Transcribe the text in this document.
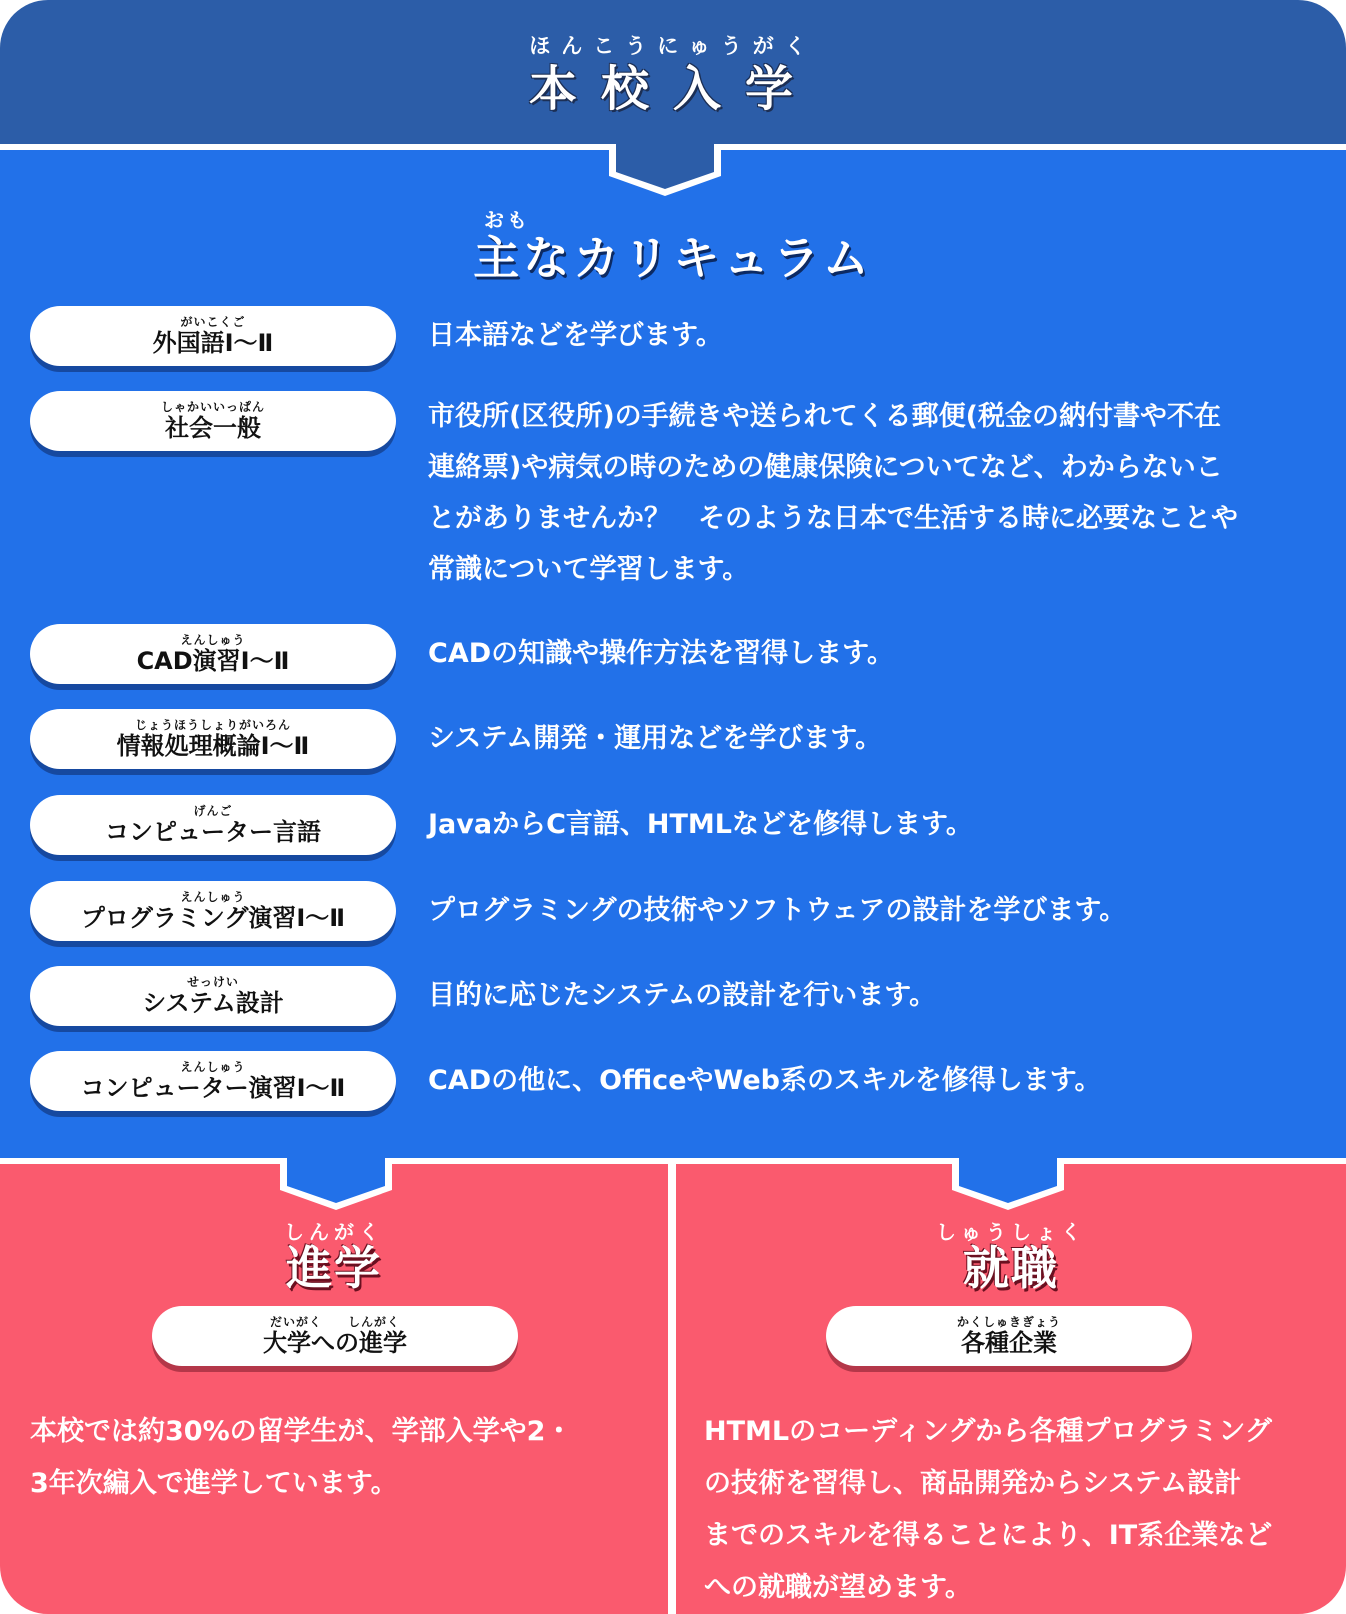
ほんこうにゅうがく
本校入学
おも
主なカリキュラム
がいこくご
外国語Ⅰ～Ⅱ	日本語などを学びます。
しゃかいいっぱん
社会一般	市役所(区役所)の手続きや送られてくる郵便(税金の納付書や不在
連絡票)や病気の時のための健康保険についてなど、わからないこ
とがありませんか？　そのような日本で生活する時に必要なことや
常識について学習します。
えんしゅう
CAD演習Ⅰ～Ⅱ	CADの知識や操作方法を習得します。
じょうほうしょりがいろん
情報処理概論Ⅰ～Ⅱ	システム開発・運用などを学びます。
げんご
コンピューター言語	JavaからC言語、HTMLなどを修得します。
えんしゅう
プログラミング演習Ⅰ～Ⅱ	プログラミングの技術やソフトウェアの設計を学びます。
せっけい
システム設計	目的に応じたシステムの設計を行います。
えんしゅう
コンピューター演習Ⅰ～Ⅱ	CADの他に、OfficeやWeb系のスキルを修得します。
しんがく
進学
だいがく　　しんがく
大学への進学
本校では約30%の留学生が、学部入学や2・
3年次編入で進学しています。
しゅうしょく
就職
かくしゅきぎょう
各種企業
HTMLのコーディングから各種プログラミング
の技術を習得し、商品開発からシステム設計
までのスキルを得ることにより、IT系企業など
への就職が望めます。
